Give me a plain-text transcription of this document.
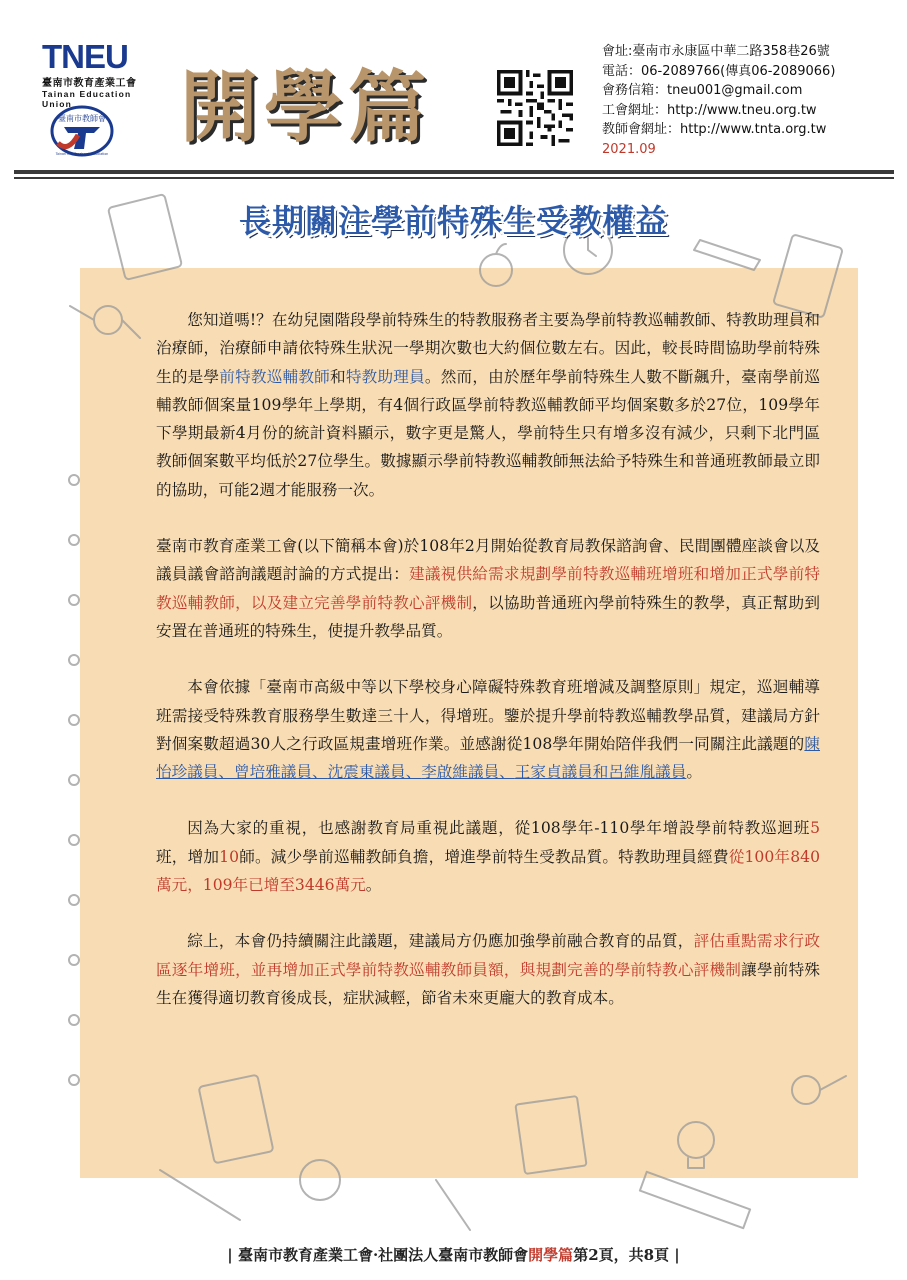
TNEU
臺南市教育產業工會
Tainan Education Union
臺南市教師會
Tainan City Teachers' Association
開學篇
會址:臺南市永康區中華二路358巷26號
電話：06-2089766(傳真06-2089066)
會務信箱：tneu001@gmail.com
工會網址：http://www.tneu.org.tw
教師會網址：http://www.tnta.org.tw
2021.09
長期關注學前特殊生受教權益

您知道嗎!？在幼兒園階段學前特殊生的特教服務者主要為學前特教巡輔教師、特教助理員和治療師，治療師申請依特殊生狀況一學期次數也大約個位數左右。因此，較長時間協助學前特殊生的是學前特教巡輔教師和特教助理員。然而，由於歷年學前特殊生人數不斷飆升，臺南學前巡輔教師個案量109學年上學期，有4個行政區學前特教巡輔教師平均個案數多於27位，109學年下學期最新4月份的統計資料顯示，數字更是驚人，學前特生只有增多沒有減少，只剩下北門區教師個案數平均低於27位學生。數據顯示學前特教巡輔教師無法給予特殊生和普通班教師最立即的協助，可能2週才能服務一次。

臺南市教育產業工會(以下簡稱本會)於108年2月開始從教育局教保諮詢會、民間團體座談會以及議員議會諮詢議題討論的方式提出：建議視供給需求規劃學前特教巡輔班增班和增加正式學前特教巡輔教師，以及建立完善學前特教心評機制，以協助普通班內學前特殊生的教學，真正幫助到安置在普通班的特殊生，使提升教學品質。

本會依據「臺南市高級中等以下學校身心障礙特殊教育班增減及調整原則」規定，巡迴輔導班需接受特殊教育服務學生數達三十人，得增班。鑒於提升學前特教巡輔教學品質，建議局方針對個案數超過30人之行政區規畫增班作業。並感謝從108學年開始陪伴我們一同關注此議題的陳怡珍議員、曾培雅議員、沈震東議員、李啟維議員、王家貞議員和呂維胤議員。

因為大家的重視，也感謝教育局重視此議題，從108學年-110學年增設學前特教巡迴班5班，增加10師。減少學前巡輔教師負擔，增進學前特生受教品質。特教助理員經費從100年840萬元，109年已增至3446萬元。

綜上，本會仍持續關注此議題，建議局方仍應加強學前融合教育的品質，評估重點需求行政區逐年增班，並再增加正式學前特教巡輔教師員額，與規劃完善的學前特教心評機制讓學前特殊生在獲得適切教育後成長，症狀減輕，節省未來更龐大的教育成本。

| 臺南市教育產業工會·社團法人臺南市教師會開學篇第2頁，共8頁 |
